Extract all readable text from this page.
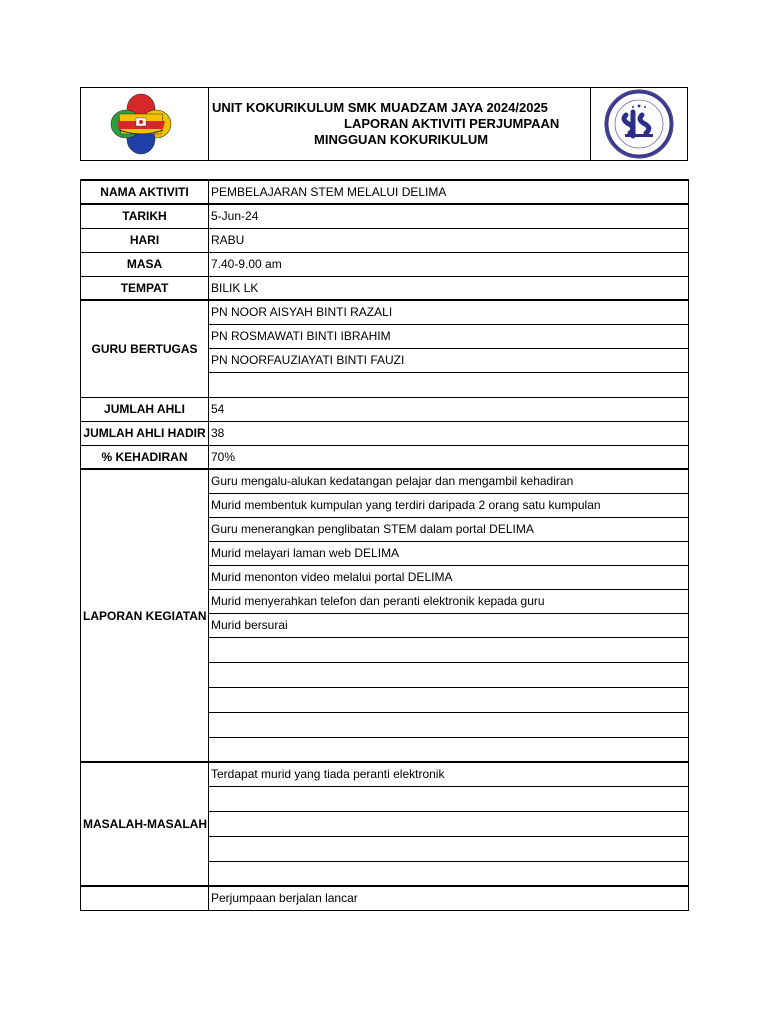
UNIT KOKURIKULUM SMK MUADZAM JAYA 2024/2025
LAPORAN AKTIVITI PERJUMPAAN
MINGGUAN KOKURIKULUM
NAMA AKTIVITI	PEMBELAJARAN STEM MELALUI DELIMA
TARIKH	5-Jun-24
HARI	RABU
MASA	7.40-9.00 am
TEMPAT	BILIK LK
GURU BERTUGAS	PN NOOR AISYAH BINTI RAZALI
	PN ROSMAWATI BINTI IBRAHIM
	PN NOORFAUZIAYATI BINTI FAUZI

JUMLAH AHLI	54
JUMLAH AHLI HADIR	38
% KEHADIRAN	70%
LAPORAN KEGIATAN	Guru mengalu-alukan kedatangan pelajar dan mengambil kehadiran
	Murid membentuk kumpulan yang terdiri daripada 2 orang satu kumpulan
	Guru menerangkan penglibatan STEM dalam portal DELIMA
	Murid melayari laman web DELIMA
	Murid menonton video melalui portal DELIMA
	Murid menyerahkan telefon dan peranti elektronik kepada guru
	Murid bersurai

MASALAH-MASALAH	Terdapat murid yang tiada peranti elektronik

	Perjumpaan berjalan lancar
